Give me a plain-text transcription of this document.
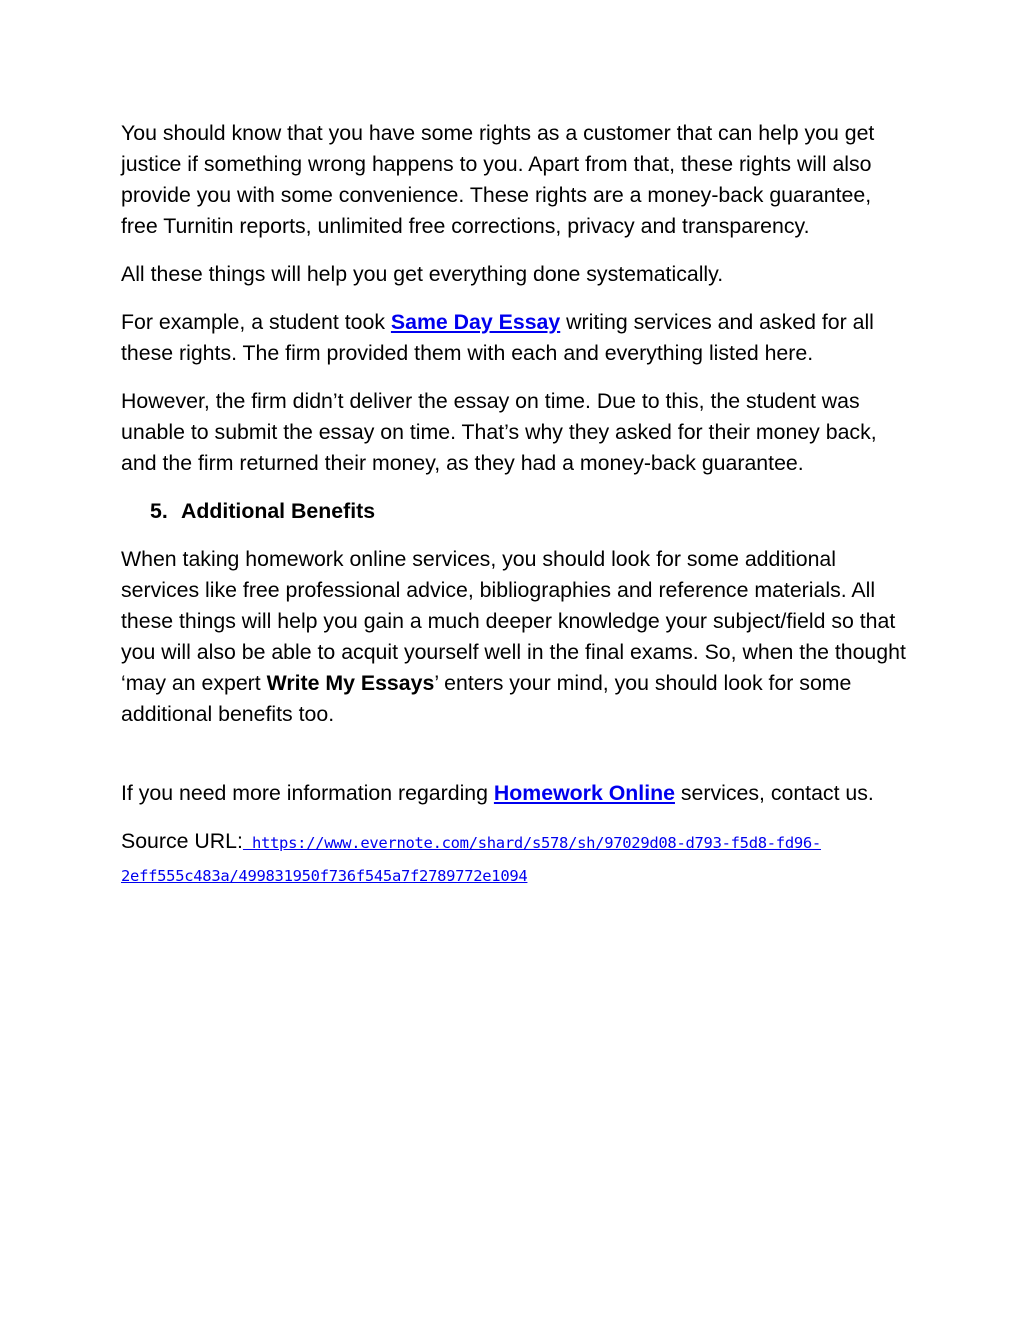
You should know that you have some rights as a customer that can help you get justice if something wrong happens to you. Apart from that, these rights will also provide you with some convenience. These rights are a money-back guarantee, free Turnitin reports, unlimited free corrections, privacy and transparency.

All these things will help you get everything done systematically.

For example, a student took Same Day Essay writing services and asked for all these rights. The firm provided them with each and everything listed here.

However, the firm didn’t deliver the essay on time. Due to this, the student was unable to submit the essay on time. That’s why they asked for their money back, and the firm returned their money, as they had a money-back guarantee.

5. Additional Benefits

When taking homework online services, you should look for some additional services like free professional advice, bibliographies and reference materials. All these things will help you gain a much deeper knowledge your subject/field so that you will also be able to acquit yourself well in the final exams. So, when the thought ‘may an expert Write My Essays’ enters your mind, you should look for some additional benefits too.

If you need more information regarding Homework Online services, contact us.

Source URL: https://www.evernote.com/shard/s578/sh/97029d08-d793-f5d8-fd96-2eff555c483a/499831950f736f545a7f2789772e1094
